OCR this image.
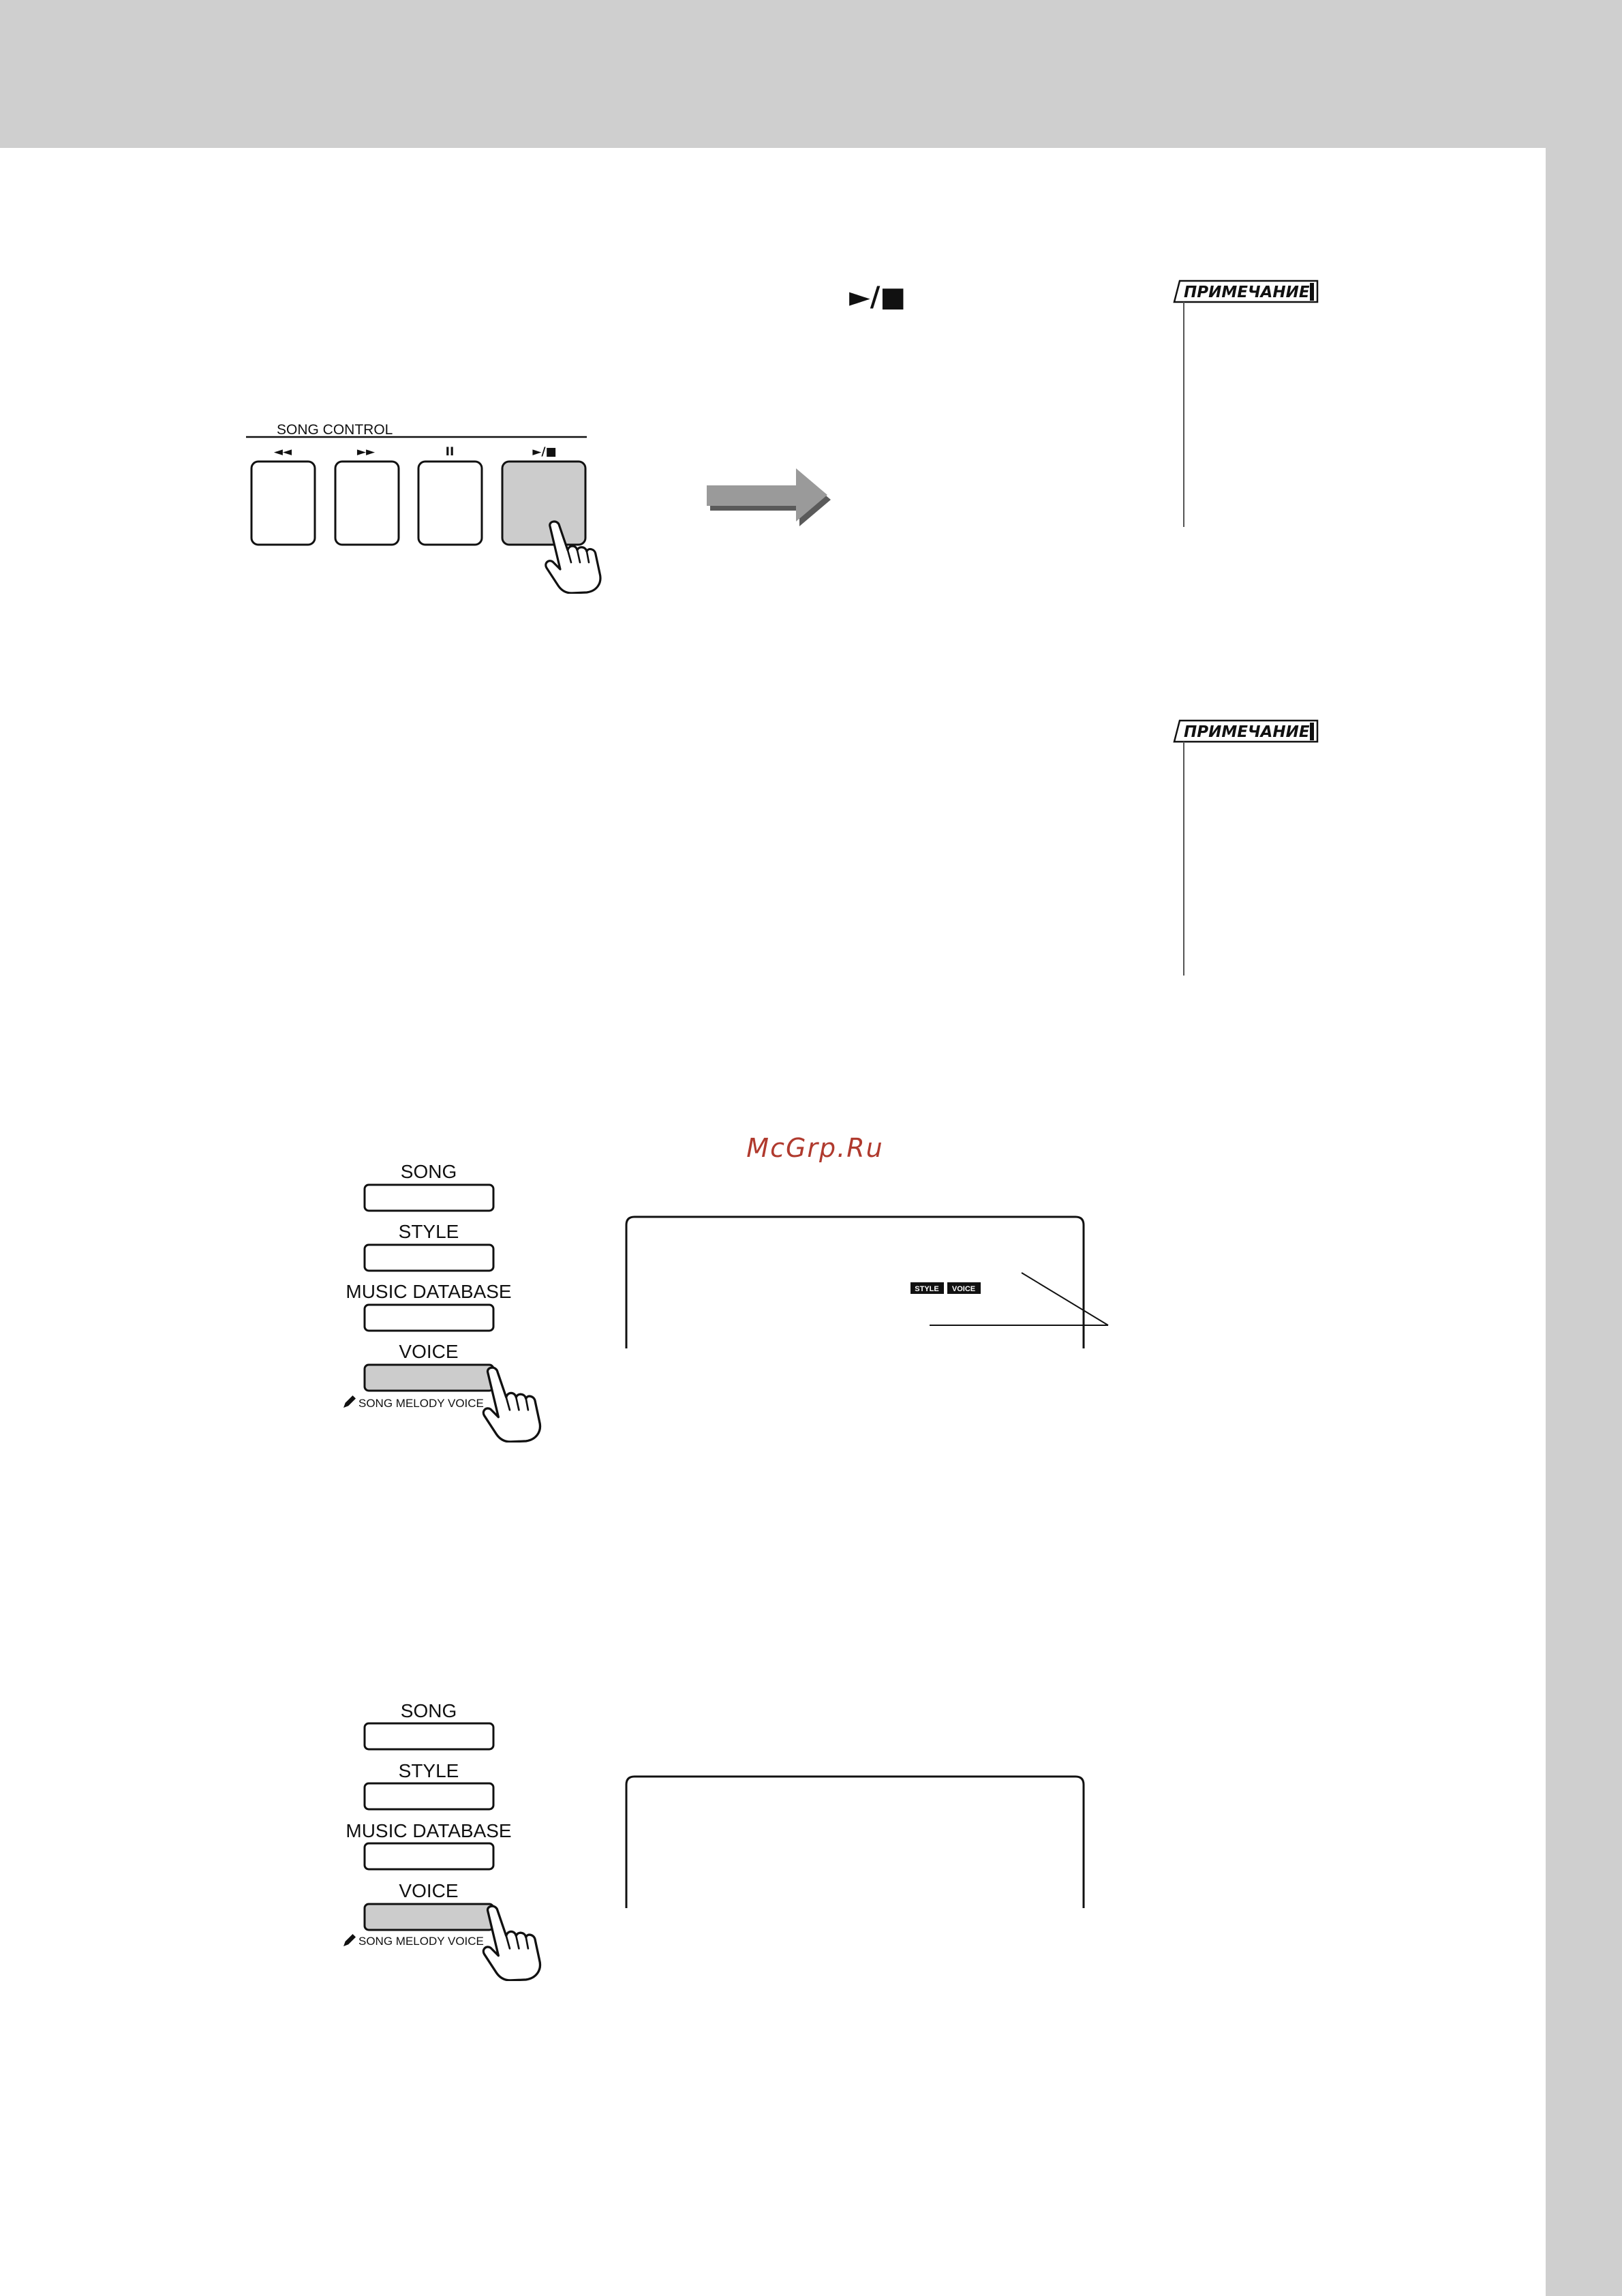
►/■	ПРИМЕЧАНИЕ
ПРИМЕЧАНИЕ
SONG CONTROL
◄◄	►►	II	►/■
McGrp.Ru
SONG
STYLE
MUSIC DATABASE
VOICE
SONG MELODY VOICE
STYLE VOICE
SONG
STYLE
MUSIC DATABASE
VOICE
SONG MELODY VOICE
